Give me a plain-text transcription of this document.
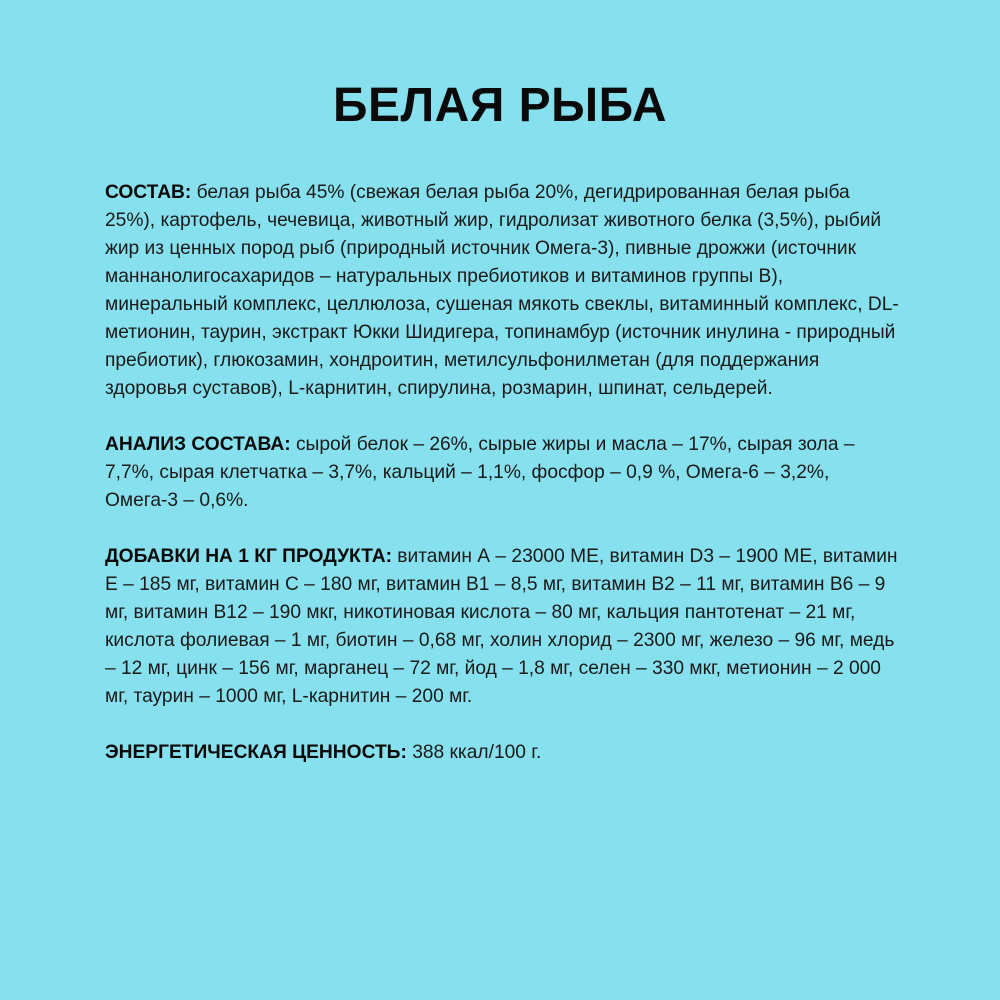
БЕЛАЯ РЫБА

СОСТАВ: белая рыба 45% (свежая белая рыба 20%, дегидрированная белая рыба 25%), картофель, чечевица, животный жир, гидролизат животного белка (3,5%), рыбий жир из ценных пород рыб (природный источник Омега-3), пивные дрожжи (источник маннанолигосахаридов – натуральных пребиотиков и витаминов группы В), минеральный комплекс, целлюлоза, сушеная мякоть свеклы, витаминный комплекс, DL-метионин, таурин, экстракт Юкки Шидигера, топинамбур (источник инулина - природный пребиотик), глюкозамин, хондроитин, метилсульфонилметан (для поддержания здоровья суставов), L-карнитин, спирулина, розмарин, шпинат, сельдерей.

АНАЛИЗ СОСТАВА: сырой белок – 26%, сырые жиры и масла – 17%, сырая зола – 7,7%, сырая клетчатка – 3,7%, кальций – 1,1%, фосфор – 0,9 %, Омега-6 – 3,2%, Омега-3 – 0,6%.

ДОБАВКИ НА 1 КГ ПРОДУКТА: витамин А – 23000 МЕ, витамин D3 – 1900 МЕ, витамин Е – 185 мг, витамин С – 180 мг, витамин В1 – 8,5 мг, витамин В2 – 11 мг, витамин В6 – 9 мг, витамин В12 – 190 мкг, никотиновая кислота – 80 мг, кальция пантотенат – 21 мг, кислота фолиевая – 1 мг, биотин – 0,68 мг, холин хлорид – 2300 мг, железо – 96 мг, медь – 12 мг, цинк – 156 мг, марганец – 72 мг, йод – 1,8 мг, селен – 330 мкг, метионин – 2 000 мг, таурин – 1000 мг, L-карнитин – 200 мг.

ЭНЕРГЕТИЧЕСКАЯ ЦЕННОСТЬ: 388 ккал/100 г.
